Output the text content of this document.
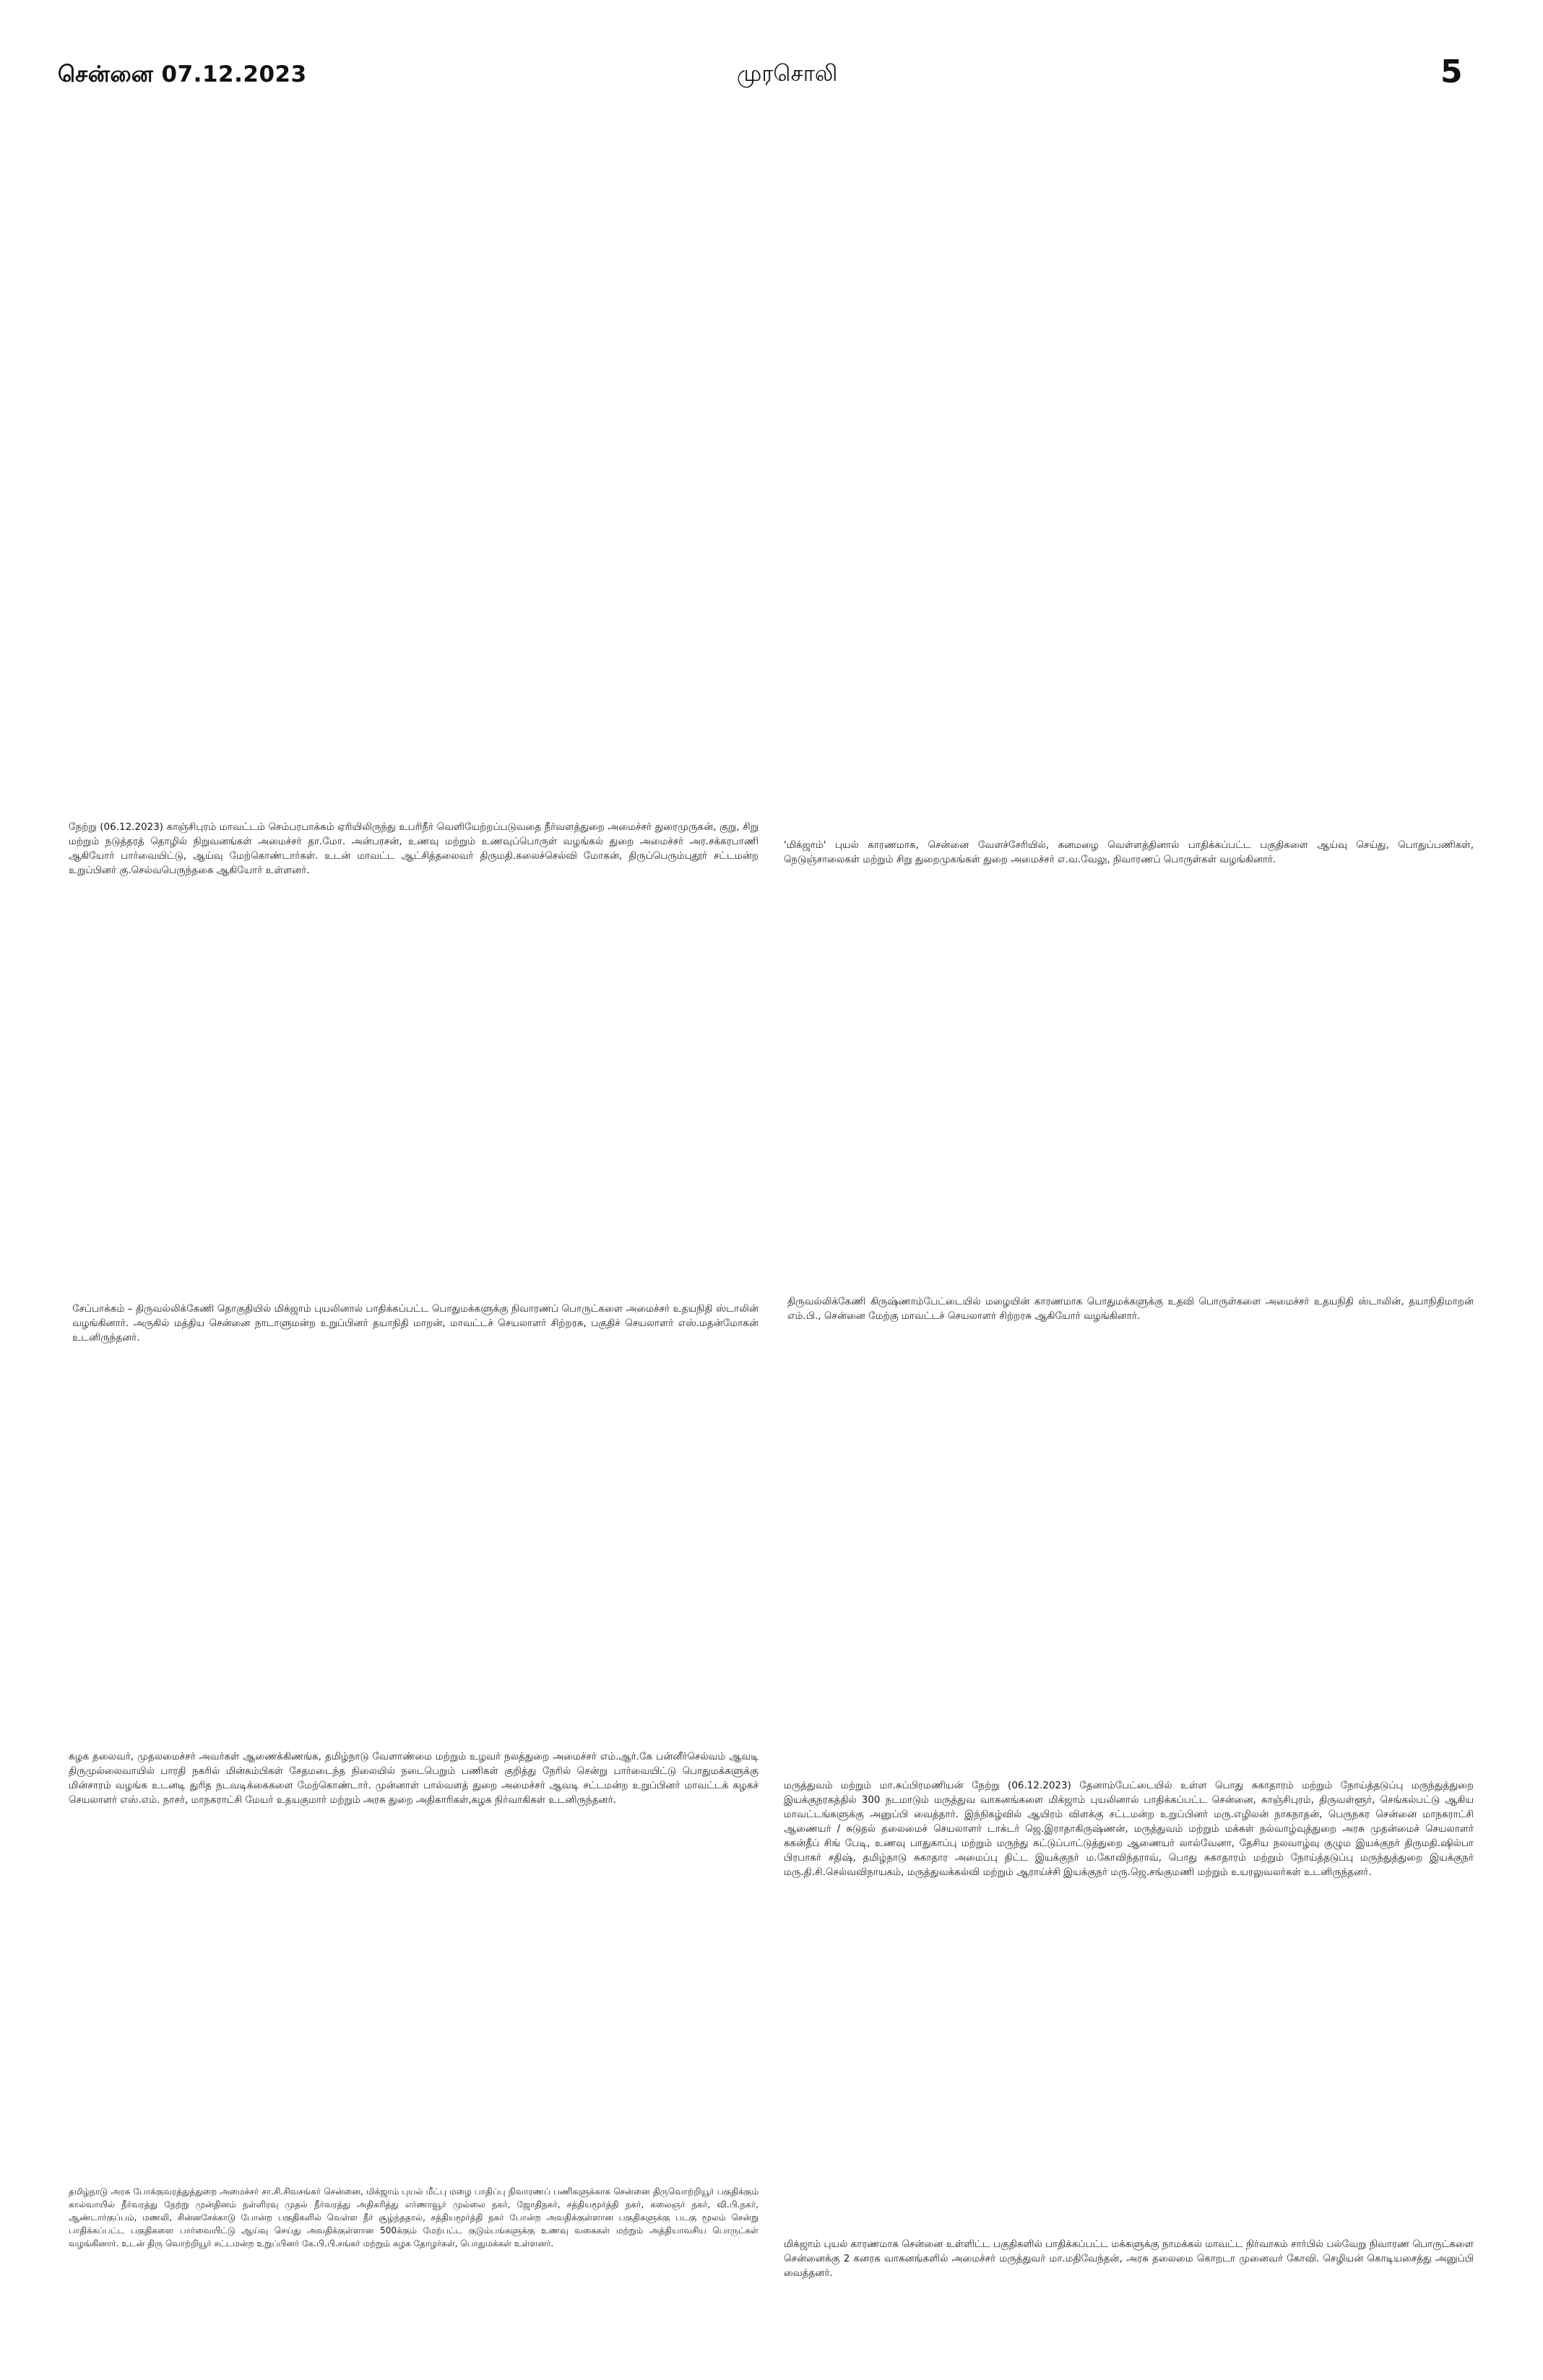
சென்னை 07.12.2023	முரசொலி	5

நேற்று (06.12.2023) காஞ்சிபுரம் மாவட்டம் செம்பரபாக்கம் ஏரியிலிருந்து உபரிநீர் வெளியேற்றப்படுவதை நீர்வளத்துறை அமைச்சர் துரைமுருகன், குறு, சிறு மற்றும் நடுத்தரத் தொழில் நிறுவனங்கள் அமைச்சர் தா.மோ. அன்பரசன், உணவு மற்றும் உணவுப்பொருள் வழங்கல் துறை அமைச்சர் அர.சக்கரபாணி ஆகியோர் பார்வையிட்டு, ஆய்வு மேற்கொண்டார்கள். உடன் மாவட்ட ஆட்சித்தலைவர் திருமதி.கலைச்செல்வி மோகன், திருப்பெரும்புதூர் சட்டமன்ற உறுப்பினர் கு.செல்வபெருந்தகை ஆகியோர் உள்ளனர்.

'மிக்ஜாம்' புயல் காரணமாக, சென்னை வேளச்சேரியில், கனமழை வெள்ளத்தினால் பாதிக்கப்பட்ட பகுதிகளை ஆய்வு செய்து, பொதுப்பணிகள், நெடுஞ்சாலைகள் மற்றும் சிறு துறைமுகங்கள் துறை அமைச்சர் எ.வ.வேலு, நிவாரணப் பொருள்கள் வழங்கினார்.

சேப்பாக்கம் – திருவல்லிக்கேணி தொகுதியில் மிக்ஜாம் புயலினால் பாதிக்கப்பட்ட பொதுமக்களுக்கு நிவாரணப் பொருட்களை அமைச்சர் உதயநிதி ஸ்டாலின் வழங்கினார். அருகில் மத்திய சென்னை நாடாளுமன்ற உறுப்பினர் தயாநிதி மாறன், மாவட்டச் செயலாளர் சிற்றரசு, பகுதிச் செயலாளர் எஸ்.மதன்மோகன் உடனிருந்தனர்.

திருவல்லிக்கேணி கிருஷ்ணாம்பேட்டையில் மழையின் காரணமாக பொதுமக்களுக்கு உதவி பொருள்களை அமைச்சர் உதயநிதி ஸ்டாலின், தயாநிதிமாறன் எம்.பி., சென்னை மேற்கு மாவட்டச் செயலாளர் சிற்றரசு ஆகியோர் வழங்கினார்.

கழக தலைவர், முதலமைச்சர் அவர்கள் ஆணைக்கிணங்க, தமிழ்நாடு வேளாண்மை மற்றும் உழவர் நலத்துறை அமைச்சர் எம்.ஆர்.கே பன்னீர்செல்வம் ஆவடி திருமுல்லைவாயில் பாரதி நகரில் மின்கம்பிகள் சேதமடைந்த நிலையில் நடைபெறும் பணிகள் குறித்து நேரில் சென்று பார்வையிட்டு பொதுமக்களுக்கு மின்சாரம் வழங்க உடனடி துரித நடவடிக்கைகளை மேற்கொண்டார். முன்னாள் பால்வளத் துறை அமைச்சர் ஆவடி சட்டமன்ற உறுப்பினர் மாவட்டக் கழகச் செயலாளர் எஸ்.எம். நாசர், மாநகராட்சி மேயர் உதயகுமார் மற்றும் அரசு துறை அதிகாரிகள்,கழக நிர்வாகிகள் உடனிருந்தனர்.

மருத்துவம் மற்றும் மா.சுப்பிரமணியன் நேற்று (06.12.2023) தேனாம்பேட்டையில் உள்ள பொது சுகாதாரம் மற்றும் நோய்த்தடுப்பு மருந்துத்துறை இயக்குநரகத்தில் 300 நடமாடும் மருத்துவ வாகனங்களை மிக்ஜாம் புயலினால் பாதிக்கப்பட்ட சென்னை, காஞ்சிபுரம், திருவள்ளூர், செங்கல்பட்டு ஆகிய மாவட்டங்களுக்கு அனுப்பி வைத்தார். இந்நிகழ்வில் ஆயிரம் விளக்கு சட்டமன்ற உறுப்பினர் மரு.எழிலன் நாகநாதன், பெருநகர சென்னை மாநகராட்சி ஆணையர் / சுடுதல் தலைமைச் செயலாளர் டாக்டர் ஜெ.இராதாகிருஷ்ணன், மருத்துவம் மற்றும் மக்கள் நல்வாழ்வுத்துறை அரசு முதன்மைச் செயலாளர் ககன்தீப் சிங் பேடி, உணவு பாதுகாப்பு மற்றும் மருந்து கட்டுப்பாட்டுத்துறை ஆணையர் லால்வேனா, தேசிய நலவாழ்வு குழும இயக்குநர் திருமதி.ஷில்பா பிரபாகர் சதிஷ், தமிழ்நாடு சுகாதார அமைப்பு திட்ட இயக்குநர் ம.கோவிந்தராவ், பொது சுகாதாரம் மற்றும் நோய்த்தடுப்பு மருந்துத்துறை இயக்குநர் மரு.தி.சி.செல்வவிநாயகம், மருத்துவக்கல்வி மற்றும் ஆராய்ச்சி இயக்குநர் மரு.ஜெ.சங்குமணி மற்றும் உயரலுவலர்கள் உடனிருந்தனர்.

தமிழ்நாடு அரசு போக்குவரத்துத்துறை அமைச்சர் சா.சி.சிவசங்கர் சென்னை, மிக்ஜாம் புயல் மீட்பு மழை பாதிப்பு நிவாரணப் பணிகளுக்காக சென்னை திருவொற்றியூர் பகுதிக்கும் கால்வாயில் நீர்வரத்து நேற்று முன்தினம் நள்ளிரவு முதல் நீர்வரத்து அதிகரித்து எர்ணாவூர் முல்லை நகர், ஜோதிநகர், சத்தியமூர்த்தி நகர், கலைஞர் நகர், வி.பி.நகர், ஆண்டார்குப்பம், மணலி, சின்னசேக்காடு போன்ற பகுதிகளில் வெள்ள நீர் சூழ்ந்ததால், சத்தியமூர்த்தி நகர் போன்ற அவதிக்குள்ளான பகுதிகளுக்கு படகு மூலம் சென்று பாதிக்கப்பட்ட பகுதிகளை பார்வையிட்டு ஆய்வு செய்து அவதிக்குள்ளான 500க்கும் மேற்பட்ட குடும்பங்களுக்கு உணவு வகைகள் மற்றும் அத்தியாவசிய பொருட்கள் வழங்கினார். உடன் திரு வொற்றியூர் சட்டமன்ற உறுப்பினர் கே.பி.பி.சங்கர் மற்றும் கழக தோழர்கள், பொதுமக்கள் உள்ளனர்.	மிக்ஜாம் புயல் காரணமாக சென்னை உள்ளிட்ட பகுதிகளில் பாதிக்கப்பட்ட மக்களுக்கு நாமக்கல் மாவட்ட நிர்வாகம் சார்பில் பல்வேறு நிவாரண பொருட்களை சென்னைக்கு 2 கனரக வாகனங்களில் அமைச்சர் மருத்துவர் மா.மதிவேந்தன், அரசு தலைமை கொறடா முனைவர் கோவி. செழியன் கொடியசைத்து அனுப்பி வைத்தனர்.
